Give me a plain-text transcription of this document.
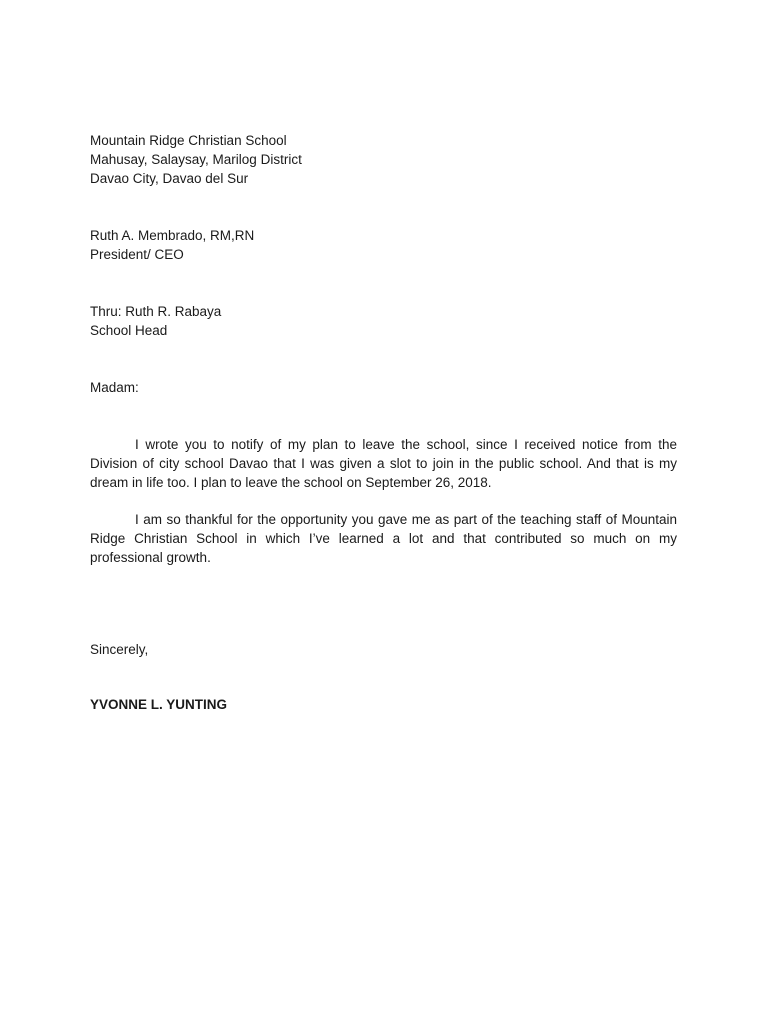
Mountain Ridge Christian School
Mahusay, Salaysay, Marilog District
Davao City, Davao del Sur
Ruth A. Membrado, RM,RN
President/ CEO
Thru: Ruth R. Rabaya
School Head
Madam:

I wrote you to notify of my plan to leave the school, since I received notice from the Division of city school Davao that I was given a slot to join in the public school. And that is my dream in life too. I plan to leave the school on September 26, 2018.

I am so thankful for the opportunity you gave me as part of the teaching staff of Mountain Ridge Christian School in which I’ve learned a lot and that contributed so much on my professional growth.

Sincerely,
YVONNE L. YUNTING
